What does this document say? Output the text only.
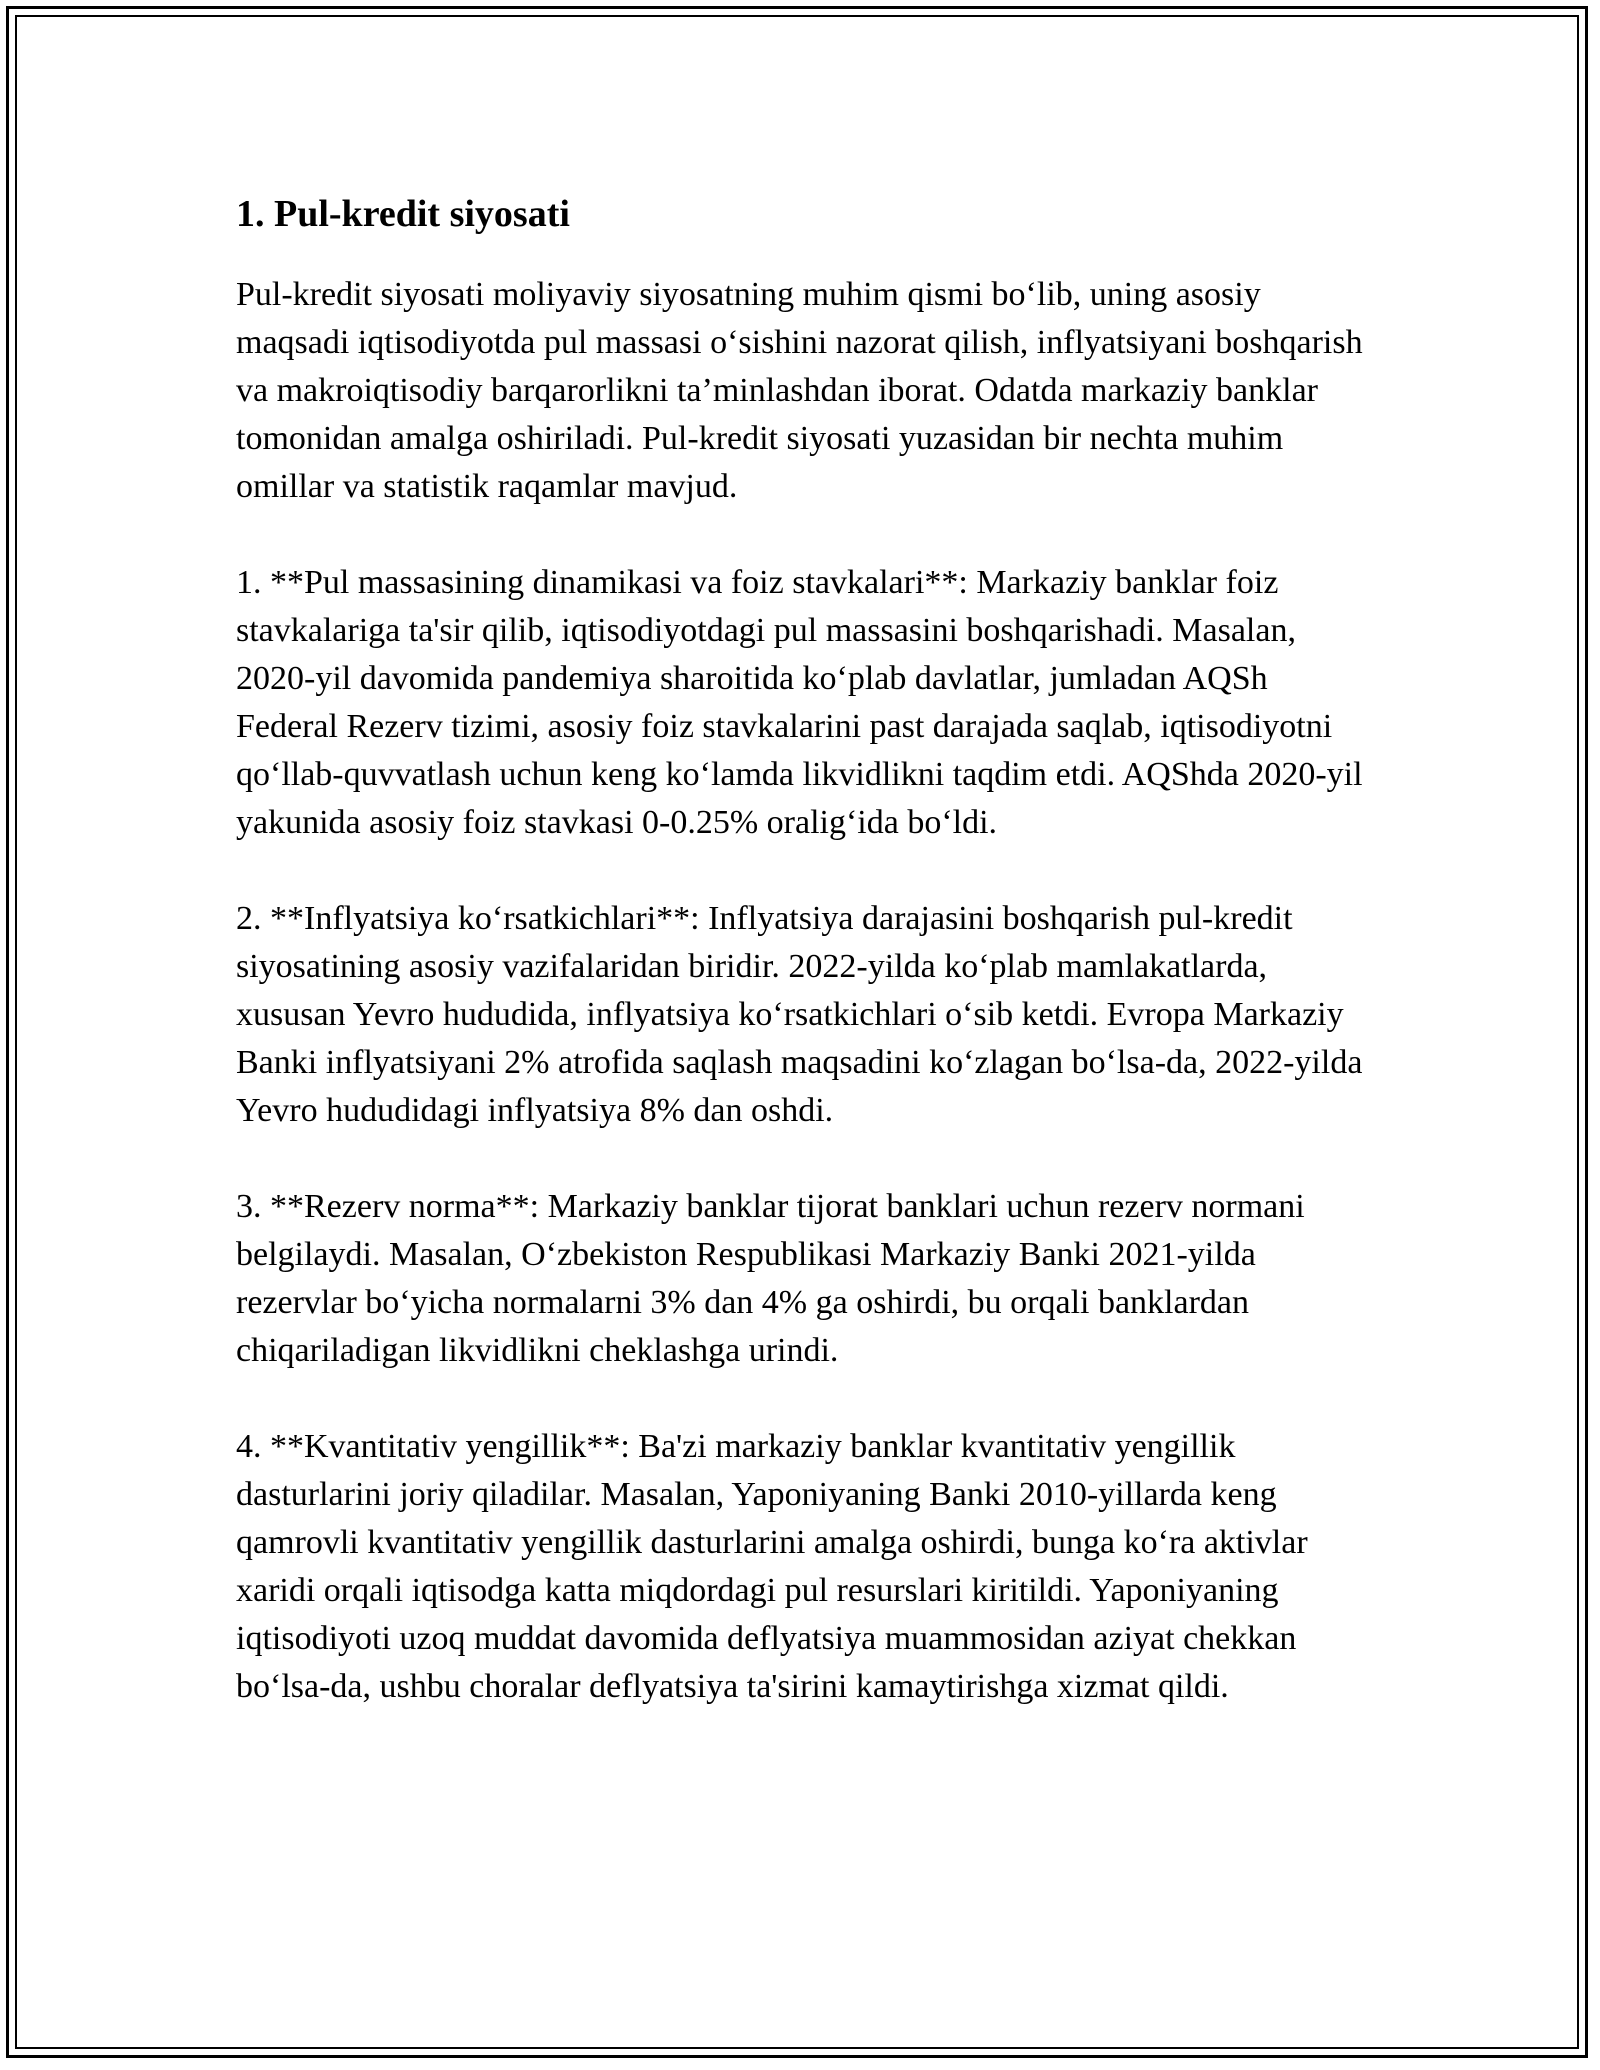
1. Pul-kredit siyosati

Pul-kredit siyosati moliyaviy siyosatning muhim qismi bo‘lib, uning asosiy maqsadi iqtisodiyotda pul massasi o‘sishini nazorat qilish, inflyatsiyani boshqarish va makroiqtisodiy barqarorlikni ta’minlashdan iborat. Odatda markaziy banklar tomonidan amalga oshiriladi. Pul-kredit siyosati yuzasidan bir nechta muhim omillar va statistik raqamlar mavjud.

1. **Pul massasining dinamikasi va foiz stavkalari**: Markaziy banklar foiz stavkalariga ta'sir qilib, iqtisodiyotdagi pul massasini boshqarishadi. Masalan, 2020-yil davomida pandemiya sharoitida ko‘plab davlatlar, jumladan AQSh Federal Rezerv tizimi, asosiy foiz stavkalarini past darajada saqlab, iqtisodiyotni qo‘llab-quvvatlash uchun keng ko‘lamda likvidlikni taqdim etdi. AQShda 2020-yil yakunida asosiy foiz stavkasi 0-0.25% oralig‘ida bo‘ldi.

2. **Inflyatsiya ko‘rsatkichlari**: Inflyatsiya darajasini boshqarish pul-kredit siyosatining asosiy vazifalaridan biridir. 2022-yilda ko‘plab mamlakatlarda, xususan Yevro hududida, inflyatsiya ko‘rsatkichlari o‘sib ketdi. Evropa Markaziy Banki inflyatsiyani 2% atrofida saqlash maqsadini ko‘zlagan bo‘lsa-da, 2022-yilda Yevro hududidagi inflyatsiya 8% dan oshdi.

3. **Rezerv norma**: Markaziy banklar tijorat banklari uchun rezerv normani belgilaydi. Masalan, O‘zbekiston Respublikasi Markaziy Banki 2021-yilda rezervlar bo‘yicha normalarni 3% dan 4% ga oshirdi, bu orqali banklardan chiqariladigan likvidlikni cheklashga urindi.

4. **Kvantitativ yengillik**: Ba'zi markaziy banklar kvantitativ yengillik dasturlarini joriy qiladilar. Masalan, Yaponiyaning Banki 2010-yillarda keng qamrovli kvantitativ yengillik dasturlarini amalga oshirdi, bunga ko‘ra aktivlar xaridi orqali iqtisodga katta miqdordagi pul resurslari kiritildi. Yaponiyaning iqtisodiyoti uzoq muddat davomida deflyatsiya muammosidan aziyat chekkan bo‘lsa-da, ushbu choralar deflyatsiya ta'sirini kamaytirishga xizmat qildi.
